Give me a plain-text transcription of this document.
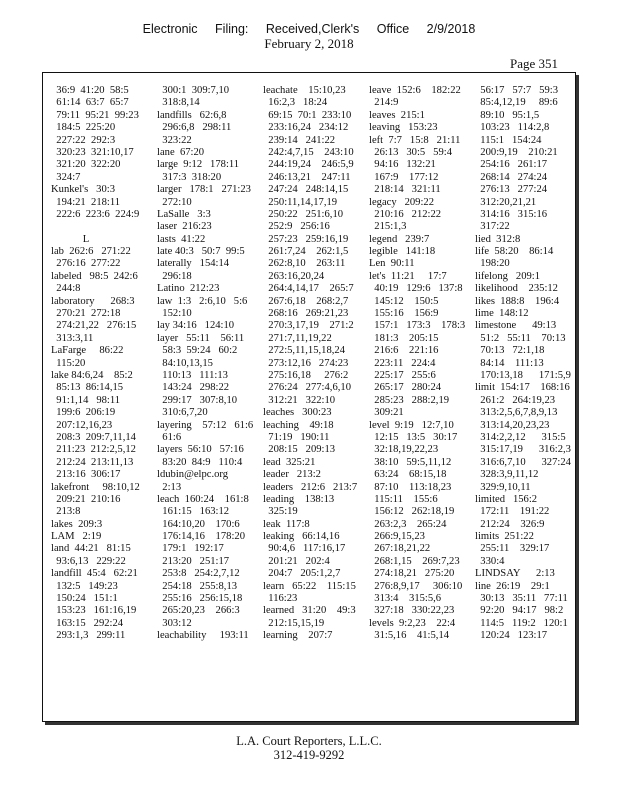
Electronic Filing: Received,Clerk's Office 2/9/2018
February 2, 2018
Page 351
36:9  41:20  58:5
61:14  63:7  65:7
79:11  95:21  99:23
184:5  225:20
227:22  292:3
320:23  321:10,17
321:20  322:20
324:7
Kunkel's   30:3
194:21  218:11
222:6  223:6  224:9
L
lab  262:6   271:22
276:16  277:22
labeled   98:5  242:6
244:8
laboratory      268:3
270:21  272:18
274:21,22   276:15
313:3,11
LaFarge     86:22
115:20
lake 84:6,24    85:2
85:13  86:14,15
91:1,14   98:11
199:6  206:19
207:12,16,23
208:3  209:7,11,14
211:23  212:2,5,12
212:24  213:11,13
213:16  306:17
lakefront     98:10,12
209:21  210:16
213:8
lakes  209:3
LAM   2:19
land  44:21   81:15
93:6,13   229:22
landfill  45:4   62:21
132:5   149:23
150:24   151:1
153:23   161:16,19
163:15   292:24
293:1,3   299:11
300:1  309:7,10
318:8,14
landfills   62:6,8
296:6,8   298:11
323:22
lane  67:20
large  9:12   178:11
317:3  318:20
larger   178:1   271:23
272:10
LaSalle   3:3
laser  216:23
lasts  41:22
late 40:3   50:7  99:5
laterally   154:14
296:18
Latino  212:23
law  1:3   2:6,10   5:6
152:10
lay 34:16   124:10
layer   55:11    56:11
58:3  59:24   60:2
84:10,13,15
110:13   111:13
143:24   298:22
299:17   307:8,10
310:6,7,20
layering    57:12   61:6
61:6
layers  56:10   57:16
83:20  84:9   110:4
ldubin@elpc.org
2:13
leach  160:24    161:8
161:15   163:12
164:10,20    170:6
176:14,16    178:20
179:1   192:17
213:20   251:17
253:8   254:2,7,12
254:18   255:8,13
255:16   256:15,18
265:20,23    266:3
303:12
leachability     193:11
leachate    15:10,23
16:2,3   18:24
69:15  70:1  233:10
233:16,24   234:12
239:14   241:22
242:4,7,15    243:10
244:19,24    246:5,9
246:13,21    247:11
247:24   248:14,15
250:11,14,17,19
250:22   251:6,10
252:9   256:16
257:23   259:16,19
261:7,24    262:1,5
262:8,10    263:11
263:16,20,24
264:4,14,17    265:7
267:6,18    268:2,7
268:16   269:21,23
270:3,17,19    271:2
271:7,11,19,22
272:5,11,15,18,24
273:12,16   274:23
275:16,18     276:2
276:24   277:4,6,10
312:21   322:10
leaches   300:23
leaching    49:18
71:19   190:11
208:15   209:13
lead  325:21
leader   213:2
leaders   212:6   213:7
leading    138:13
325:19
leak  117:8
leaking   66:14,16
90:4,6   117:16,17
201:21   202:4
204:7   205:1,2,7
learn   65:22    115:15
116:23
learned   31:20    49:3
212:15,15,19
learning    207:7
leave  152:6    182:22
214:9
leaves  215:1
leaving   153:23
left  7:7   15:8   21:11
26:13   30:5   59:4
94:16   132:21
167:9    177:12
218:14   321:11
legacy   209:22
210:16   212:22
215:1,3
legend   239:7
legible   141:18
Len  90:11
let's  11:21     17:7
40:19   129:6   137:8
145:12    150:5
155:16    156:9
157:1   173:3    178:3
181:3    205:15
216:6    221:16
223:11   224:4
225:17   255:6
265:17   280:24
285:23   288:2,19
309:21
level  9:19   12:7,10
12:15   13:5   30:17
32:18,19,22,23
38:10   59:5,11,12
63:24    68:15,18
87:10    113:18,23
115:11    155:6
156:12   262:18,19
263:2,3    265:24
266:9,15,23
267:18,21,22
268:1,15    269:7,23
274:18,21   275:20
276:8,9,17     306:10
313:4    315:5,6
327:18   330:22,23
levels  9:2,23    22:4
31:5,16    41:5,14
56:17   57:7   59:3
85:4,12,19     89:6
89:10   95:1,5
103:23   114:2,8
115:1   154:24
200:9,19    210:21
254:16   261:17
268:14   274:24
276:13   277:24
312:20,21,21
314:16   315:16
317:22
lied  312:8
life  58:20    86:14
198:20
lifelong   209:1
likelihood    235:12
likes  188:8    196:4
lime  148:12
limestone      49:13
51:2   55:11    70:13
70:13   72:1,18
84:14    111:13
170:13,18      171:5,9
limit  154:17    168:16
261:2   264:19,23
313:2,5,6,7,8,9,13
313:14,20,23,23
314:2,2,12      315:5
315:17,19      316:2,3
316:6,7,10      327:24
328:3,9,11,12
329:9,10,11
limited   156:2
172:11    191:22
212:24    326:9
limits  251:22
255:11    329:17
330:4
LINDSAY      2:13
line  26:19    29:1
30:13   35:11   77:11
92:20   94:17   98:2
114:5   119:2   120:1
120:24   123:17
L.A. Court Reporters, L.L.C.
312-419-9292
